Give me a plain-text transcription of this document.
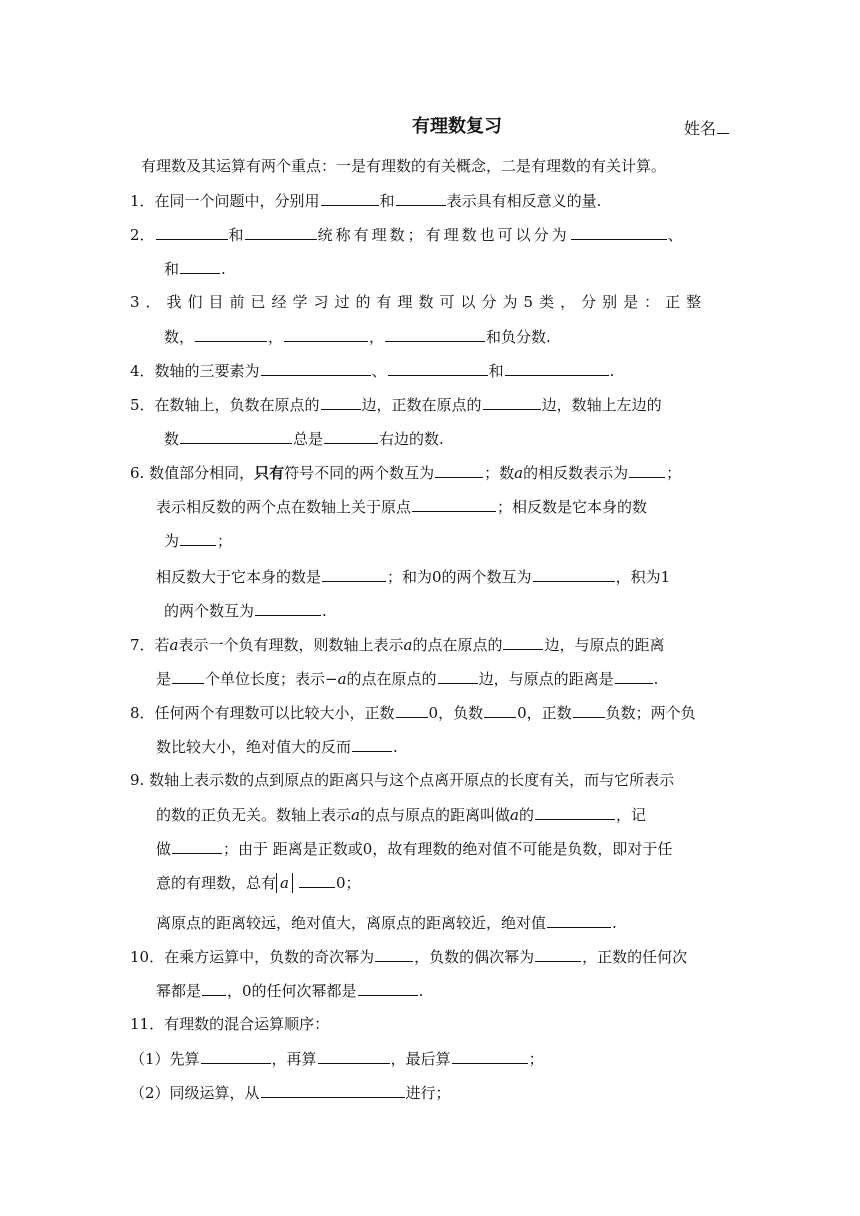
有理数复习	姓名
有理数及其运算有两个重点：一是有理数的有关概念，二是有理数的有关计算。
1．在同一个问题中，分别用	和	表示具有相反意义的量.
2．	和	统称有理数；有理数也可以分为	、
和	.
3．我们目前已经学习过的有理数可以分为5类，分别是：正整
数，	，	，	和负分数.
4．数轴的三要素为	、	和	.
5．在数轴上，负数在原点的	边，正数在原点的	边，数轴上左边的
数	总是	右边的数.
6. 数值部分相同，只有符号不同的两个数互为	；数a的相反数表示为	；
表示相反数的两个点在数轴上关于原点	；相反数是它本身的数
为	；
相反数大于它本身的数是	；和为0的两个数互为	，积为1
的两个数互为	.
7．若a表示一个负有理数，则数轴上表示a的点在原点的	边，与原点的距离
是 个单位长度；表示−a的点在原点的	边，与原点的距离是	.
8．任何两个有理数可以比较大小，正数 0，负数 0，正数 负数；两个负
数比较大小，绝对值大的反而	.
9. 数轴上表示数的点到原点的距离只与这个点离开原点的长度有关，而与它所表示
的数的正负无关。数轴上表示a的点与原点的距离叫做a的	，记
做	；由于 距离是正数或0，故有理数的绝对值不可能是负数，即对于任
意的有理数，总有 a	0；
离原点的距离较远，绝对值大，离原点的距离较近，绝对值	.
10．在乘方运算中，负数的奇次幂为	，负数的偶次幂为	，正数的任何次
幂都是 ，0的任何次幂都是	.
11．有理数的混合运算顺序：
（1）先算	，再算	，最后算	；
（2）同级运算，从	进行；
